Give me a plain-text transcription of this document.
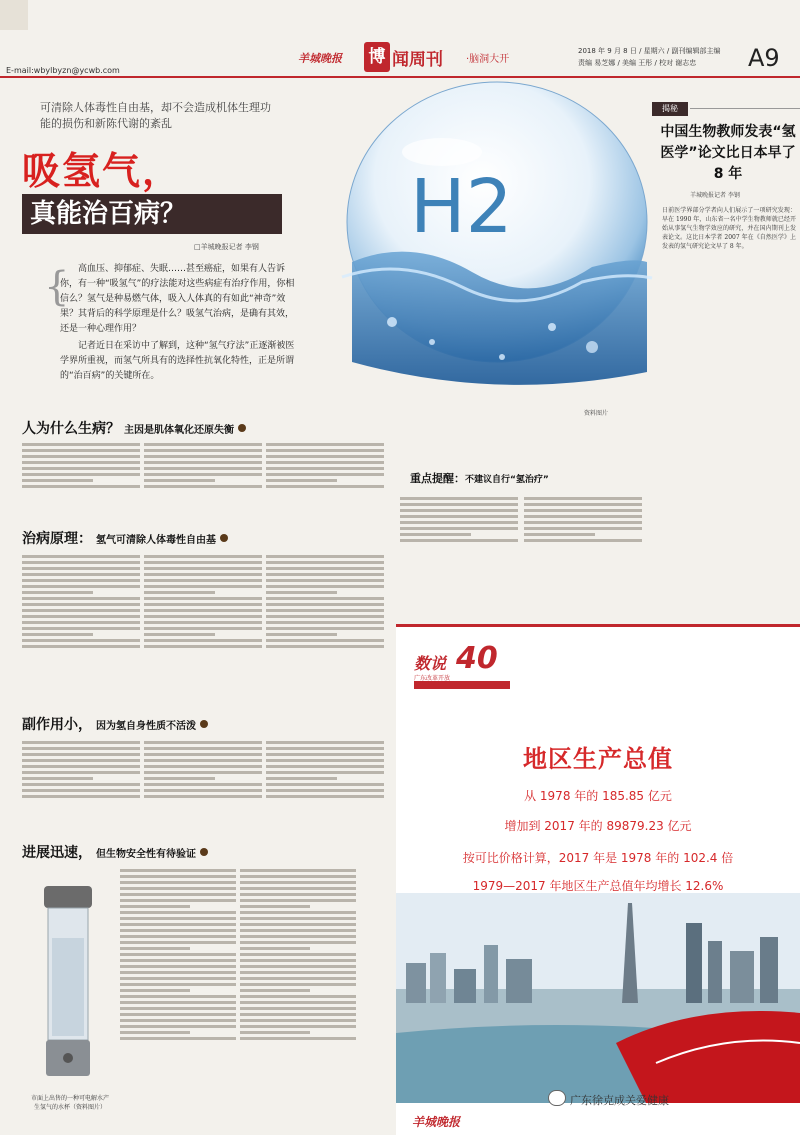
E-mail:wbylbyzn@ycwb.com
羊城晚报 博 闻周刊 ·脑洞大开
2018 年 9 月 8 日 / 星期六 / 副刊编辑部主编
责编 易芝娜 / 美编 王彤 / 校对 谢志忠 A9
可清除人体毒性自由基，却不会造成机体生理功能的损伤和新陈代谢的紊乱
吸氢气，
真能治百病？
□羊城晚报记者 李钢
{ 高血压、抑郁症、失眠……甚至癌症，如果有人告诉你，有一种“吸氢气”的疗法能对这些病症有治疗作用，你相信么？氢气是种易燃气体，吸入人体真的有如此“神奇”效果？其背后的科学原理是什么？吸氢气治病，是确有其效，还是一种心理作用？

记者近日在采访中了解到，这种“氢气疗法”正逐渐被医学界所重视，而氢气所具有的选择性抗氧化特性，正是所谓的“治百病”的关键所在。

H2
资料图片
人为什么生病？ 主因是肌体氧化还原失衡
治病原理： 氢气可清除人体毒性自由基
副作用小， 因为氢自身性质不活泼
进展迅速， 但生物安全性有待验证
市面上出售的一种可电解水产生氢气的水杯（资料图片）
揭秘
中国生物教师发表“氢医学”论文比日本早了 8 年
羊城晚报记者 李钢
日前医学界部分学者向人们展示了一项研究发现：早在 1990 年，山东省一名中学生物教师就已经开始从事氢气生物学效应的研究，并在国内期刊上发表论文。这比日本学者 2007 年在《自然医学》上发表的氢气研究论文早了 8 年。
重点提醒：不建议自行“氢治疗”
数说 40
广东改革开放
地区生产总值
从 1978 年的 185.85 亿元
增加到 2017 年的 89879.23 亿元
按可比价格计算，2017 年是 1978 年的 102.4 倍
1979—2017 年地区生产总值年均增长 12.6%
羊城晚报
广东徐克成关爱健康
